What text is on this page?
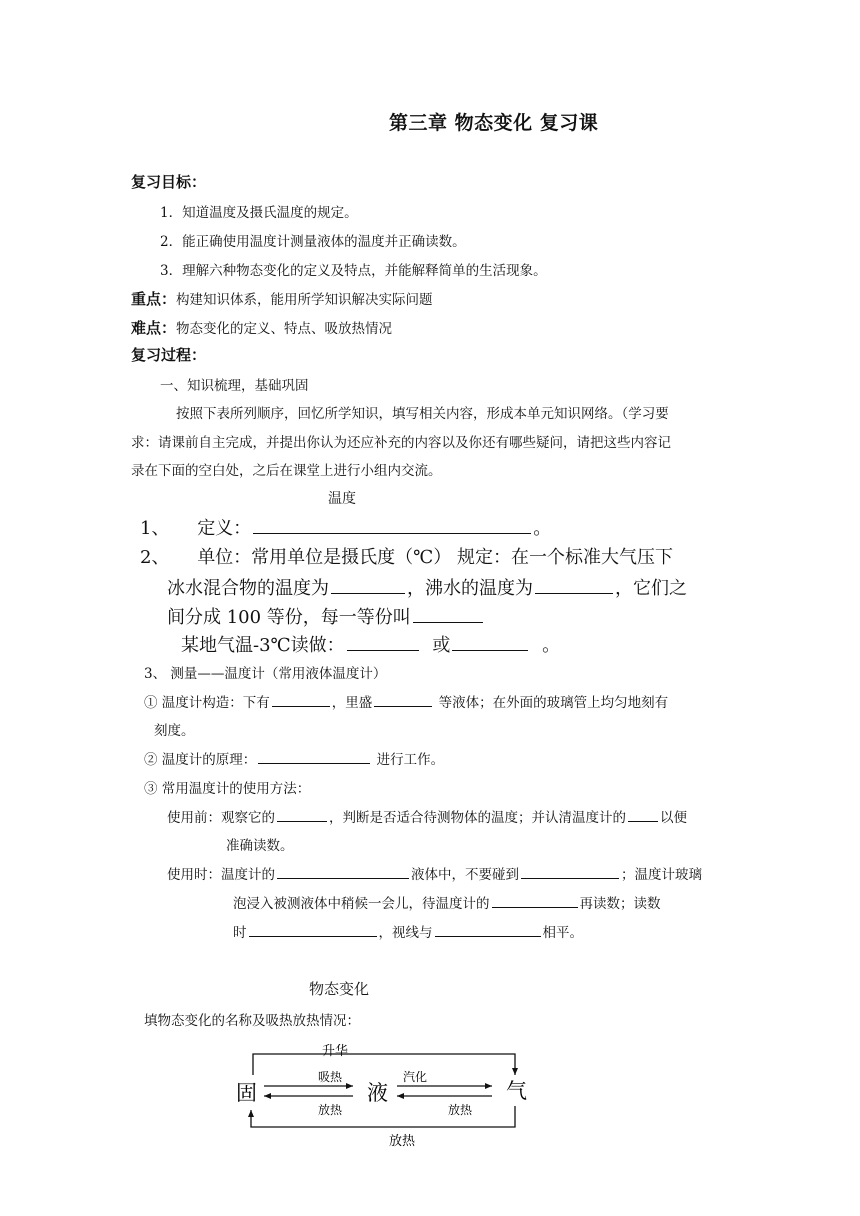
第三章 物态变化 复习课
复习目标：
1．知道温度及摄氏温度的规定。
2．能正确使用温度计测量液体的温度并正确读数。
3．理解六种物态变化的定义及特点，并能解释简单的生活现象。
重点：构建知识体系，能用所学知识解决实际问题
难点：物态变化的定义、特点、吸放热情况
复习过程：
一、知识梳理，基础巩固
按照下表所列顺序，回忆所学知识，填写相关内容，形成本单元知识网络。（学习要
求：请课前自主完成，并提出你认为还应补充的内容以及你还有哪些疑问，请把这些内容记
录在下面的空白处，之后在课堂上进行小组内交流。
温度
1、 定义：	。
2、 单位：常用单位是摄氏度（℃） 规定：在一个标准大气压下
冰水混合物的温度为	，沸水的温度为	，它们之
间分成 100 等份，每一等份叫
某地气温-3℃读做：	或	。
3、 测量——温度计（常用液体温度计）
① 温度计构造：下有	，里盛	等液体；在外面的玻璃管上均匀地刻有
刻度。
② 温度计的原理：	进行工作。
③ 常用温度计的使用方法：
使用前：观察它的	，判断是否适合待测物体的温度；并认清温度计的	以便
准确读数。
使用时：温度计的	液体中，不要碰到	；温度计玻璃
泡浸入被测液体中稍候一会儿，待温度计的	再读数；读数
时	，视线与	相平。
物态变化
填物态变化的名称及吸热放热情况：
固	液	气
升华
吸热
放热
汽化
放热
放热
